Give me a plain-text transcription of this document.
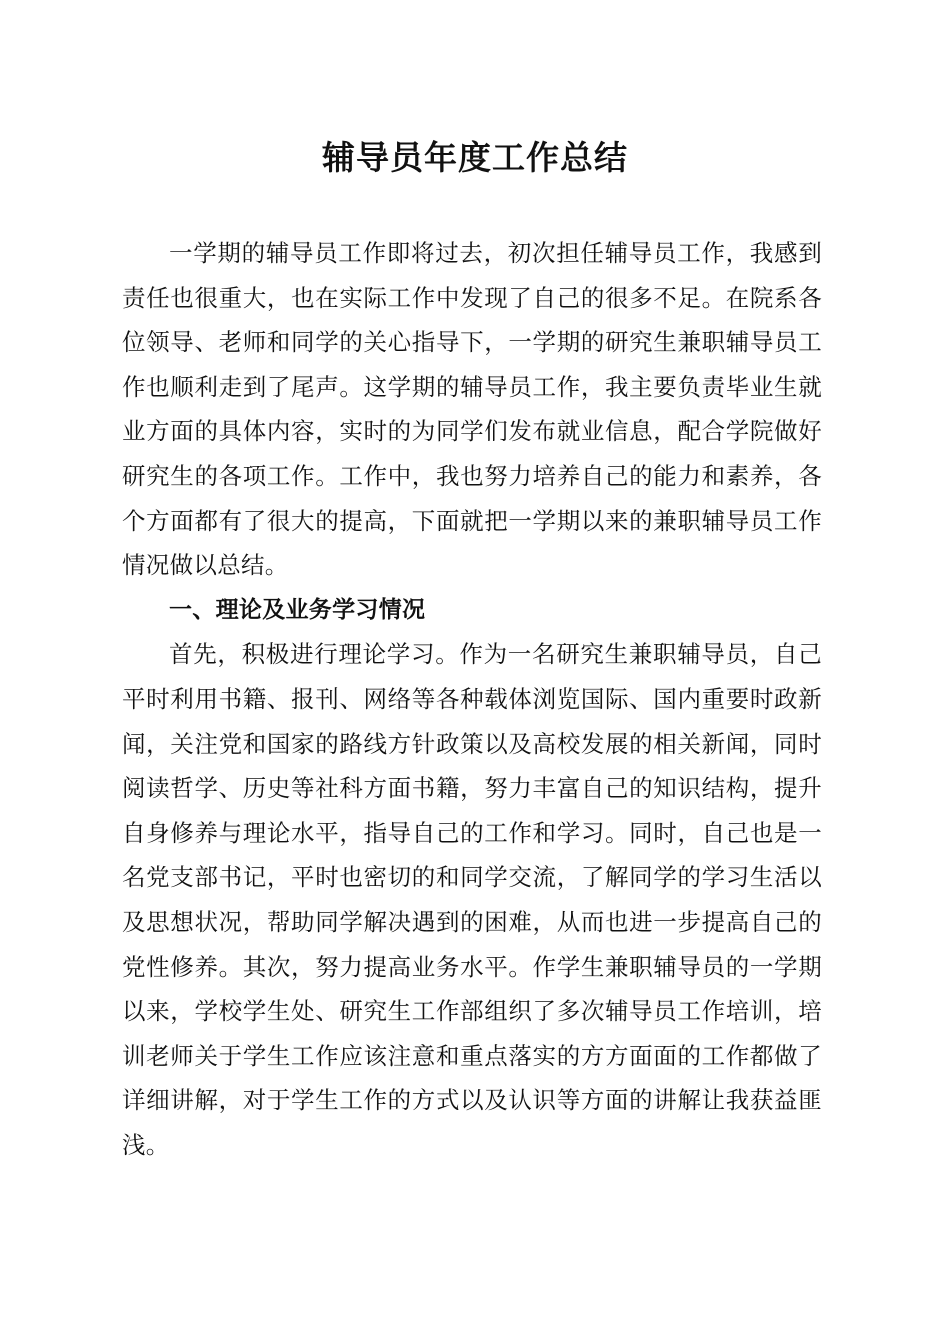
辅导员年度工作总结

一学期的辅导员工作即将过去，初次担任辅导员工作，我感到责任也很重大，也在实际工作中发现了自己的很多不足。在院系各位领导、老师和同学的关心指导下，一学期的研究生兼职辅导员工作也顺利走到了尾声。这学期的辅导员工作，我主要负责毕业生就业方面的具体内容，实时的为同学们发布就业信息，配合学院做好研究生的各项工作。工作中，我也努力培养自己的能力和素养，各个方面都有了很大的提高，下面就把一学期以来的兼职辅导员工作情况做以总结。

一、理论及业务学习情况

首先，积极进行理论学习。作为一名研究生兼职辅导员，自己平时利用书籍、报刊、网络等各种载体浏览国际、国内重要时政新闻，关注党和国家的路线方针政策以及高校发展的相关新闻，同时阅读哲学、历史等社科方面书籍，努力丰富自己的知识结构，提升自身修养与理论水平，指导自己的工作和学习。同时，自己也是一名党支部书记，平时也密切的和同学交流，了解同学的学习生活以及思想状况，帮助同学解决遇到的困难，从而也进一步提高自己的党性修养。其次，努力提高业务水平。作学生兼职辅导员的一学期以来，学校学生处、研究生工作部组织了多次辅导员工作培训，培训老师关于学生工作应该注意和重点落实的方方面面的工作都做了详细讲解，对于学生工作的方式以及认识等方面的讲解让我获益匪浅。
